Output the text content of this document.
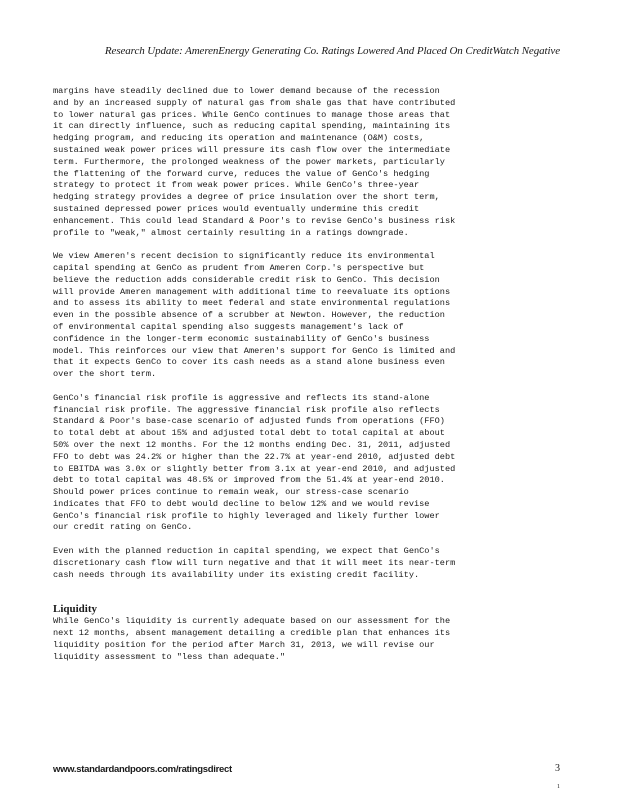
Research Update: AmerenEnergy Generating Co. Ratings Lowered And Placed On CreditWatch Negative
margins have steadily declined due to lower demand because of the recession
and by an increased supply of natural gas from shale gas that have contributed
to lower natural gas prices. While GenCo continues to manage those areas that
it can directly influence, such as reducing capital spending, maintaining its
hedging program, and reducing its operation and maintenance (O&M) costs,
sustained weak power prices will pressure its cash flow over the intermediate
term. Furthermore, the prolonged weakness of the power markets, particularly
the flattening of the forward curve, reduces the value of GenCo's hedging
strategy to protect it from weak power prices. While GenCo's three-year
hedging strategy provides a degree of price insulation over the short term,
sustained depressed power prices would eventually undermine this credit
enhancement. This could lead Standard & Poor's to revise GenCo's business risk
profile to "weak," almost certainly resulting in a ratings downgrade.
We view Ameren's recent decision to significantly reduce its environmental
capital spending at GenCo as prudent from Ameren Corp.'s perspective but
believe the reduction adds considerable credit risk to GenCo. This decision
will provide Ameren management with additional time to reevaluate its options
and to assess its ability to meet federal and state environmental regulations
even in the possible absence of a scrubber at Newton. However, the reduction
of environmental capital spending also suggests management's lack of
confidence in the longer-term economic sustainability of GenCo's business
model. This reinforces our view that Ameren's support for GenCo is limited and
that it expects GenCo to cover its cash needs as a stand alone business even
over the short term.
GenCo's financial risk profile is aggressive and reflects its stand-alone
financial risk profile. The aggressive financial risk profile also reflects
Standard & Poor's base-case scenario of adjusted funds from operations (FFO)
to total debt at about 15% and adjusted total debt to total capital at about
50% over the next 12 months. For the 12 months ending Dec. 31, 2011, adjusted
FFO to debt was 24.2% or higher than the 22.7% at year-end 2010, adjusted debt
to EBITDA was 3.0x or slightly better from 3.1x at year-end 2010, and adjusted
debt to total capital was 48.5% or improved from the 51.4% at year-end 2010.
Should power prices continue to remain weak, our stress-case scenario
indicates that FFO to debt would decline to below 12% and we would revise
GenCo's financial risk profile to highly leveraged and likely further lower
our credit rating on GenCo.
Even with the planned reduction in capital spending, we expect that GenCo's
discretionary cash flow will turn negative and that it will meet its near-term
cash needs through its availability under its existing credit facility.
Liquidity
While GenCo's liquidity is currently adequate based on our assessment for the
next 12 months, absent management detailing a credible plan that enhances its
liquidity position for the period after March 31, 2013, we will revise our
liquidity assessment to "less than adequate."
www.standardandpoors.com/ratingsdirect	3
1
